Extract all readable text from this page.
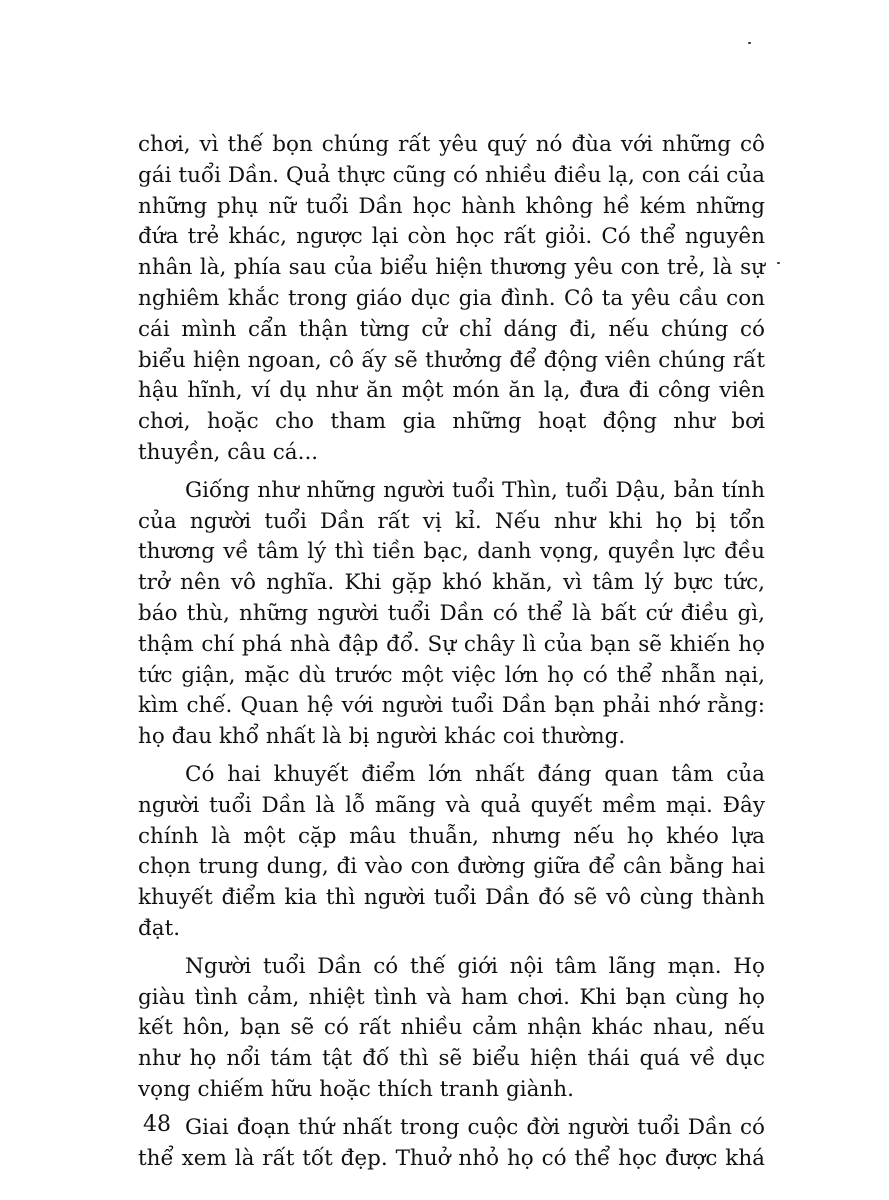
chơi, vì thế bọn chúng rất yêu quý nó đùa với những cô gái tuổi Dần. Quả thực cũng có nhiều điều lạ, con cái của những phụ nữ tuổi Dần học hành không hề kém những đứa trẻ khác, ngược lại còn học rất giỏi. Có thể nguyên nhân là, phía sau của biểu hiện thương yêu con trẻ, là sự nghiêm khắc trong giáo dục gia đình. Cô ta yêu cầu con cái mình cẩn thận từng cử chỉ dáng đi, nếu chúng có biểu hiện ngoan, cô ấy sẽ thưởng để động viên chúng rất hậu hĩnh, ví dụ như ăn một món ăn lạ, đưa đi công viên chơi, hoặc cho tham gia những hoạt động như bơi thuyền, câu cá...

Giống như những người tuổi Thìn, tuổi Dậu, bản tính của người tuổi Dần rất vị kỉ. Nếu như khi họ bị tổn thương về tâm lý thì tiền bạc, danh vọng, quyền lực đều trở nên vô nghĩa. Khi gặp khó khăn, vì tâm lý bực tức, báo thù, những người tuổi Dần có thể là bất cứ điều gì, thậm chí phá nhà đập đổ. Sự chây lì của bạn sẽ khiến họ tức giận, mặc dù trước một việc lớn họ có thể nhẫn nại, kìm chế. Quan hệ với người tuổi Dần bạn phải nhớ rằng: họ đau khổ nhất là bị người khác coi thường.

Có hai khuyết điểm lớn nhất đáng quan tâm của người tuổi Dần là lỗ mãng và quả quyết mềm mại. Đây chính là một cặp mâu thuẫn, nhưng nếu họ khéo lựa chọn trung dung, đi vào con đường giữa để cân bằng hai khuyết điểm kia thì người tuổi Dần đó sẽ vô cùng thành đạt.

Người tuổi Dần có thế giới nội tâm lãng mạn. Họ giàu tình cảm, nhiệt tình và ham chơi. Khi bạn cùng họ kết hôn, bạn sẽ có rất nhiều cảm nhận khác nhau, nếu như họ nổi tám tật đố thì sẽ biểu hiện thái quá về dục vọng chiếm hữu hoặc thích tranh giành.

Giai đoạn thứ nhất trong cuộc đời người tuổi Dần có thể xem là rất tốt đẹp. Thuở nhỏ họ có thể học được khá

48
